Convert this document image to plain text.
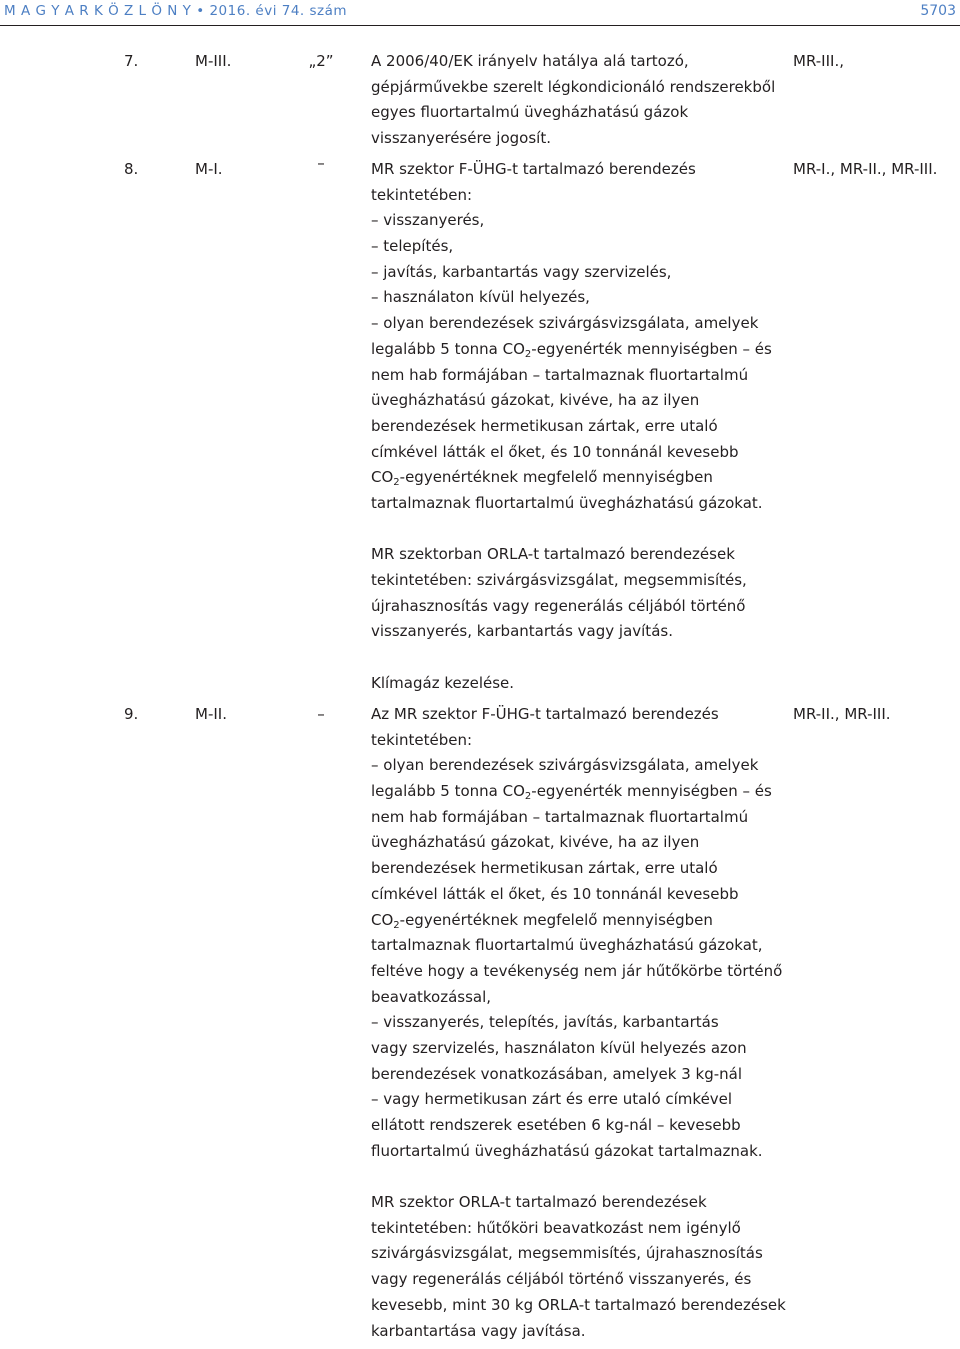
M A G Y A R K Ö Z L Ö N Y • 2016. évi 74. szám	5703
7.	M-III.	„2”	A 2006/40/EK irányelv hatálya alá tartozó,
gépjárművekbe szerelt légkondicionáló rendszerekből
egyes fluortartalmú üvegházhatású gázok
visszanyerésére jogosít.
MR-III.,
8.	M-I.	–	MR szektor F-ÜHG-t tartalmazó berendezés
tekintetében:
– visszanyerés,
– telepítés,
– javítás, karbantartás vagy szervizelés,
– használaton kívül helyezés,
– olyan berendezések szivárgásvizsgálata, amelyek
legalább 5 tonna $CO_2$-egyenérték mennyiségben – és
nem hab formájában – tartalmaznak fluortartalmú
üvegházhatású gázokat, kivéve, ha az ilyen
berendezések hermetikusan zártak, erre utaló
címkével látták el őket, és 10 tonnánál kevesebb
$CO_2$-egyenértéknek megfelelő mennyiségben
tartalmaznak fluortartalmú üvegházhatású gázokat.
MR szektorban ORLA-t tartalmazó berendezések
tekintetében: szivárgásvizsgálat, megsemmisítés,
újrahasznosítás vagy regenerálás céljából történő
visszanyerés, karbantartás vagy javítás.
Klímagáz kezelése.
MR-I., MR-II., MR-III.
9.	M-II.	–	Az MR szektor F-ÜHG-t tartalmazó berendezés
tekintetében:
– olyan berendezések szivárgásvizsgálata, amelyek
legalább 5 tonna $CO_2$-egyenérték mennyiségben – és
nem hab formájában – tartalmaznak fluortartalmú
üvegházhatású gázokat, kivéve, ha az ilyen
berendezések hermetikusan zártak, erre utaló
címkével látták el őket, és 10 tonnánál kevesebb
$CO_2$-egyenértéknek megfelelő mennyiségben
tartalmaznak fluortartalmú üvegházhatású gázokat,
feltéve hogy a tevékenység nem jár hűtőkörbe történő
beavatkozással,
– visszanyerés, telepítés, javítás, karbantartás
vagy szervizelés, használaton kívül helyezés azon
berendezések vonatkozásában, amelyek 3 kg-nál
– vagy hermetikusan zárt és erre utaló címkével
ellátott rendszerek esetében 6 kg-nál – kevesebb
fluortartalmú üvegházhatású gázokat tartalmaznak.
MR szektor ORLA-t tartalmazó berendezések
tekintetében: hűtőköri beavatkozást nem igénylő
szivárgásvizsgálat, megsemmisítés, újrahasznosítás
vagy regenerálás céljából történő visszanyerés, és
kevesebb, mint 30 kg ORLA-t tartalmazó berendezések
karbantartása vagy javítása.
MR-II., MR-III.
